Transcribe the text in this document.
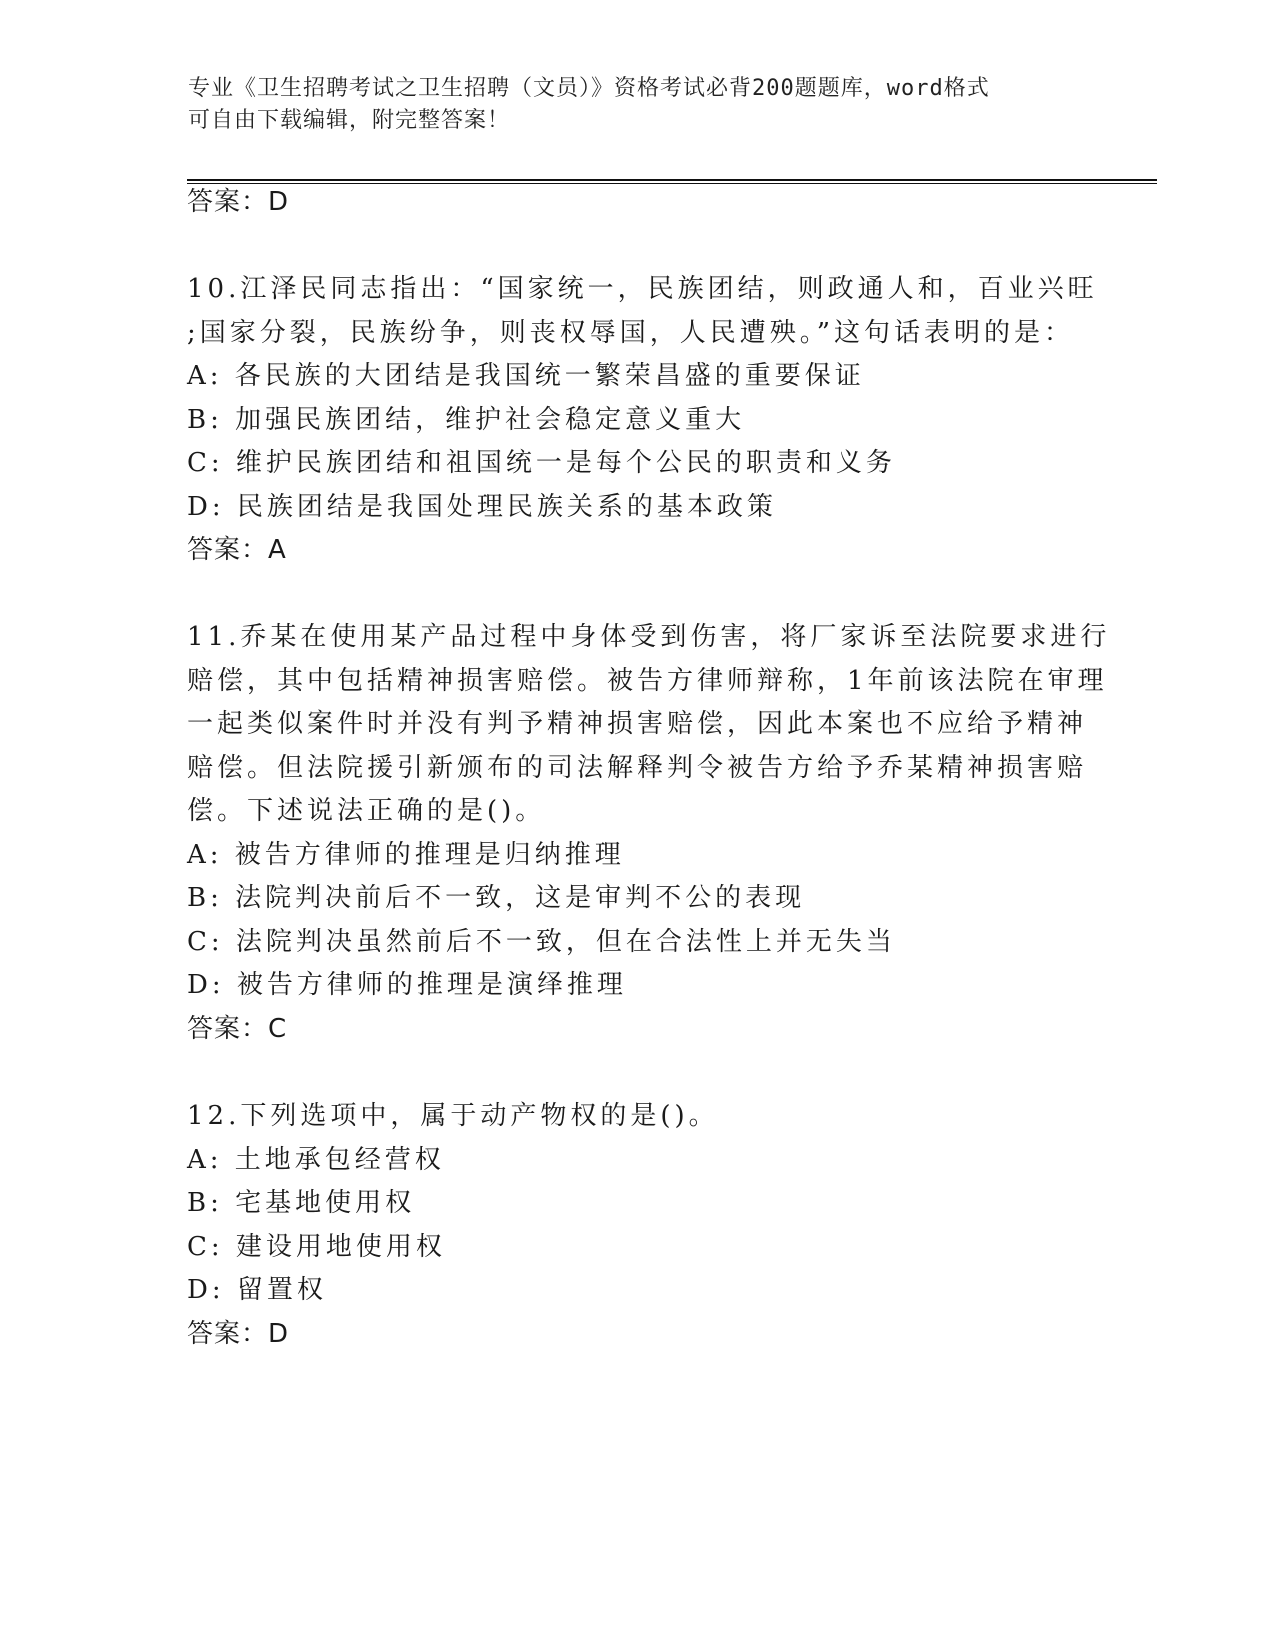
专业《卫生招聘考试之卫生招聘（文员）》资格考试必背200题题库，word格式
可自由下载编辑，附完整答案！
答案：D
10.江泽民同志指出：“国家统一，民族团结，则政通人和，百业兴旺
;国家分裂，民族纷争，则丧权辱国，人民遭殃。”这句话表明的是：
A: 各民族的大团结是我国统一繁荣昌盛的重要保证
B: 加强民族团结，维护社会稳定意义重大
C: 维护民族团结和祖国统一是每个公民的职责和义务
D: 民族团结是我国处理民族关系的基本政策
答案：A
11.乔某在使用某产品过程中身体受到伤害，将厂家诉至法院要求进行
赔偿，其中包括精神损害赔偿。被告方律师辩称，1年前该法院在审理
一起类似案件时并没有判予精神损害赔偿，因此本案也不应给予精神
赔偿。但法院援引新颁布的司法解释判令被告方给予乔某精神损害赔
偿。下述说法正确的是()。
A: 被告方律师的推理是归纳推理
B: 法院判决前后不一致，这是审判不公的表现
C: 法院判决虽然前后不一致，但在合法性上并无失当
D: 被告方律师的推理是演绎推理
答案：C
12.下列选项中，属于动产物权的是()。
A: 土地承包经营权
B: 宅基地使用权
C: 建设用地使用权
D: 留置权
答案：D
